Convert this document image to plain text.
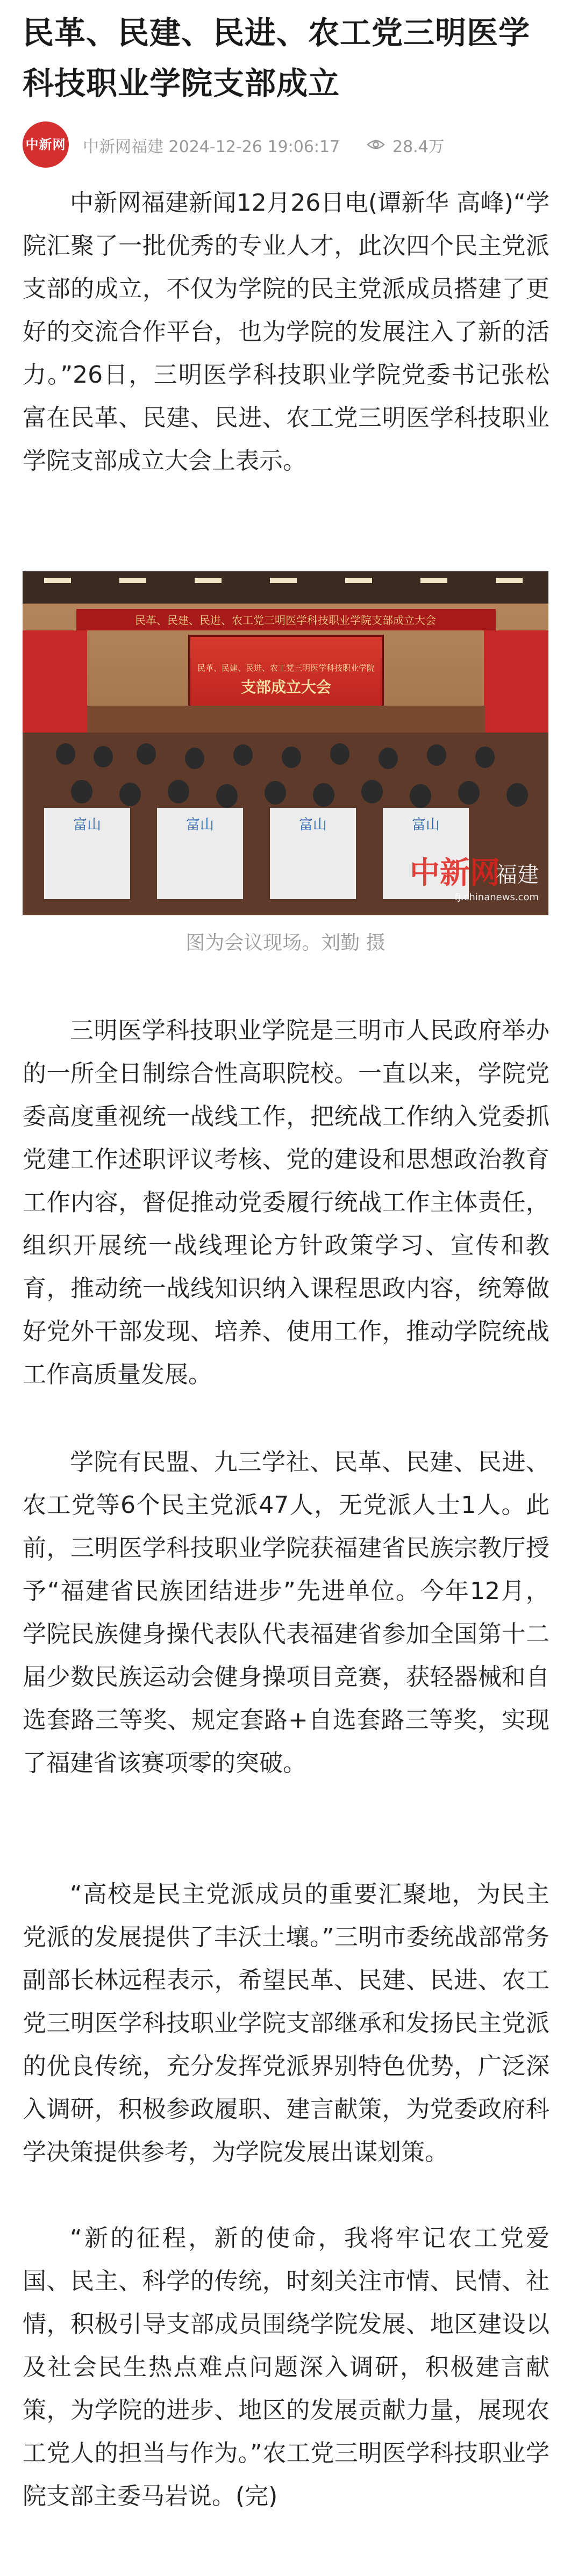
民革、民建、民进、农工党三明医学科技职业学院支部成立
中新网 中新网福建 2024-12-26 19:06:17	28.4万

中新网福建新闻12月26日电(谭新华 高峰)“学院汇聚了一批优秀的专业人才，此次四个民主党派支部的成立，不仅为学院的民主党派成员搭建了更好的交流合作平台，也为学院的发展注入了新的活力。”26日，三明医学科技职业学院党委书记张松富在民革、民建、民进、农工党三明医学科技职业学院支部成立大会上表示。

民革、民建、民进、农工党三明医学科技职业学院支部成立大会
民革、民建、民进、农工党三明医学科技职业学院
支部成立大会
富山	富山	富山	富山
中新网
福建
fj.chinanews.com
图为会议现场。刘勤 摄

三明医学科技职业学院是三明市人民政府举办的一所全日制综合性高职院校。一直以来，学院党委高度重视统一战线工作，把统战工作纳入党委抓党建工作述职评议考核、党的建设和思想政治教育工作内容，督促推动党委履行统战工作主体责任，组织开展统一战线理论方针政策学习、宣传和教育，推动统一战线知识纳入课程思政内容，统筹做好党外干部发现、培养、使用工作，推动学院统战工作高质量发展。

学院有民盟、九三学社、民革、民建、民进、农工党等6个民主党派47人，无党派人士1人。此前，三明医学科技职业学院获福建省民族宗教厅授予“福建省民族团结进步”先进单位。今年12月，学院民族健身操代表队代表福建省参加全国第十二届少数民族运动会健身操项目竞赛，获轻器械和自选套路三等奖、规定套路+自选套路三等奖，实现了福建省该赛项零的突破。

“高校是民主党派成员的重要汇聚地，为民主党派的发展提供了丰沃土壤。”三明市委统战部常务副部长林远程表示，希望民革、民建、民进、农工党三明医学科技职业学院支部继承和发扬民主党派的优良传统，充分发挥党派界别特色优势，广泛深入调研，积极参政履职、建言献策，为党委政府科学决策提供参考，为学院发展出谋划策。

“新的征程，新的使命，我将牢记农工党爱国、民主、科学的传统，时刻关注市情、民情、社情，积极引导支部成员围绕学院发展、地区建设以及社会民生热点难点问题深入调研，积极建言献策，为学院的进步、地区的发展贡献力量，展现农工党人的担当与作为。”农工党三明医学科技职业学院支部主委马岩说。(完)
